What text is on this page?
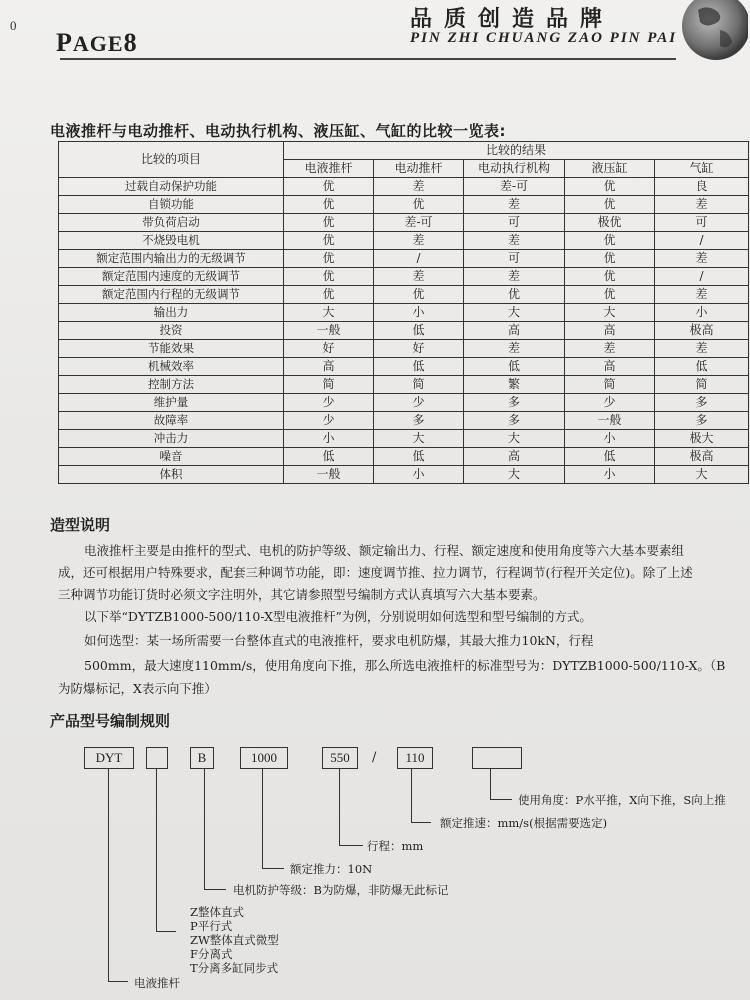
0
PAGE8
品质创造品牌
PIN ZHI CHUANG ZAO PIN PAI
电液推杆与电动推杆、电动执行机构、液压缸、气缸的比较一览表:
比较的项目	比较的结果				
	电液推杆	电动推杆	电动执行机构	液压缸	气缸
过载自动保护功能	优	差	差-可	优	良
自锁功能	优	优	差	优	差
带负荷启动	优	差-可	可	极优	可
不烧毁电机	优	差	差	优	/
额定范围内输出力的无级调节	优	/	可	优	差
额定范围内速度的无级调节	优	差	差	优	/
额定范围内行程的无级调节	优	优	优	优	差
输出力	大	小	大	大	小
投资	一般	低	高	高	极高
节能效果	好	好	差	差	差
机械效率	高	低	低	高	低
控制方法	简	简	繁	简	简
维护量	少	少	多	少	多
故障率	少	多	多	一般	多
冲击力	小	大	大	小	极大
噪音	低	低	高	低	极高
体积	一般	小	大	小	大
造型说明
电液推杆主要是由推杆的型式、电机的防护等级、额定输出力、行程、额定速度和使用角度等六大基本要素组
成，还可根据用户特殊要求，配套三种调节功能，即：速度调节推、拉力调节，行程调节(行程开关定位)。除了上述
三种调节功能订货时必须文字注明外，其它请参照型号编制方式认真填写六大基本要素。
以下举“DYTZB1000-500/110-X型电液推杆”为例，分别说明如何选型和型号编制的方式。
如何选型：某一场所需要一台整体直式的电液推杆，要求电机防爆，其最大推力10kN，行程
500mm，最大速度110mm/s，使用角度向下推，那么所选电液推杆的标准型号为：DYTZB1000-500/110-X。（B
为防爆标记，X表示向下推）
产品型号编制规则
DYT	B	1000	550	/	110
使用角度：P水平推，X向下推，S向上推
额定推速：mm/s(根据需要选定)
行程：mm
额定推力：10N
电机防护等级：B为防爆，非防爆无此标记
Z整体直式
P平行式
ZW整体直式微型
F分离式
T分离多缸同步式
电液推杆
